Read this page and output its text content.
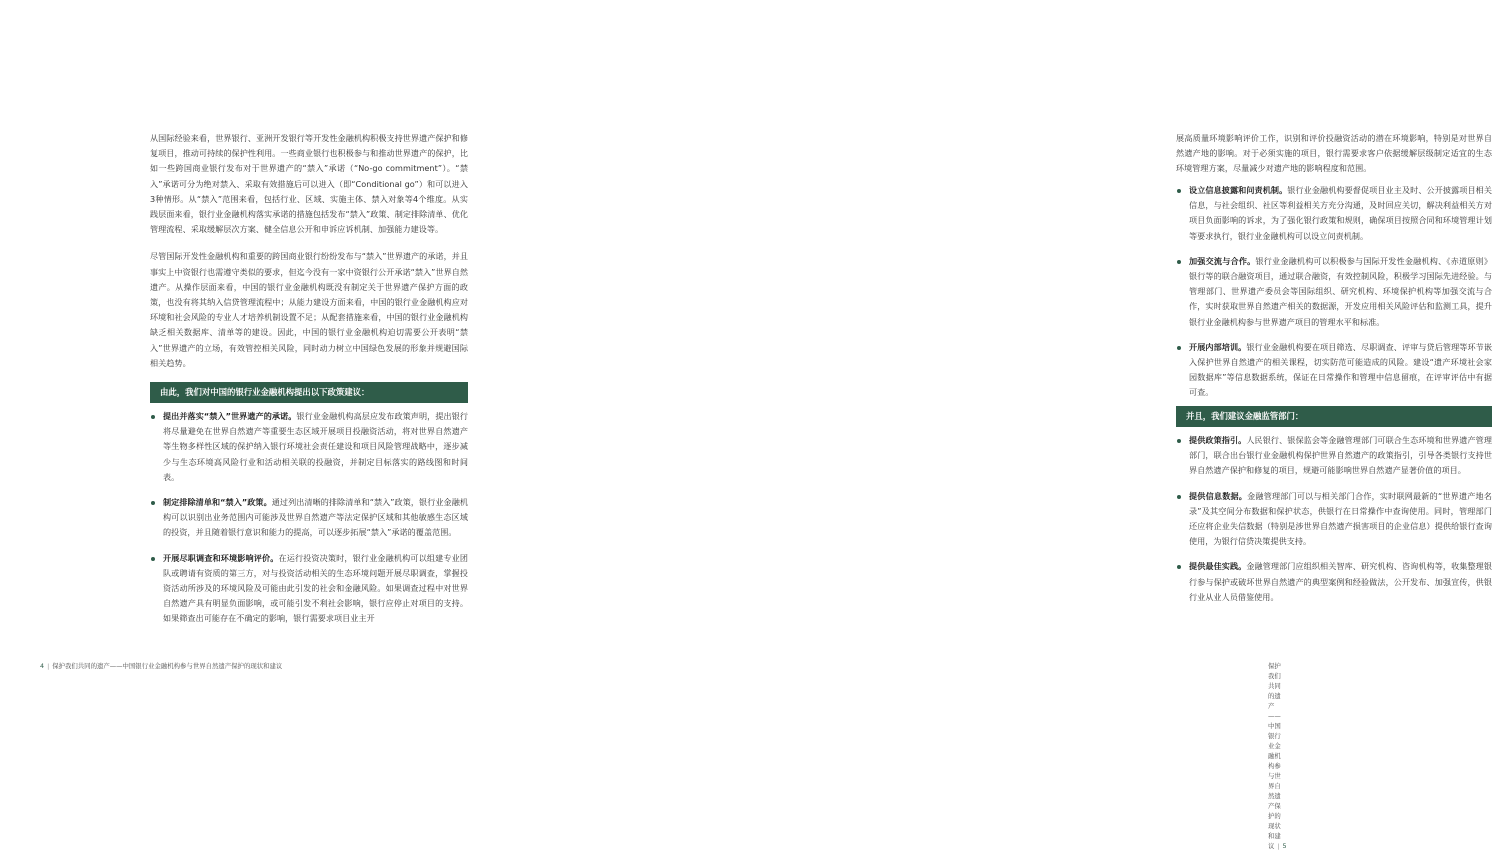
从国际经验来看，世界银行、亚洲开发银行等开发性金融机构积极支持世界遗产保护和修复项目，推动可持续的保护性利用。一些商业银行也积极参与和推动世界遗产的保护，比如一些跨国商业银行发布对于世界遗产的“禁入”承诺（“No-go commitment”）。“禁入”承诺可分为绝对禁入、采取有效措施后可以进入（即“Conditional go”）和可以进入3种情形。从“禁入”范围来看，包括行业、区域、实施主体、禁入对象等4个维度。从实践层面来看，银行业金融机构落实承诺的措施包括发布“禁入”政策、制定排除清单、优化管理流程、采取缓解层次方案、健全信息公开和申诉应诉机制、加强能力建设等。

尽管国际开发性金融机构和重要的跨国商业银行纷纷发布与“禁入”世界遗产的承诺，并且事实上中资银行也需遵守类似的要求，但迄今没有一家中资银行公开承诺“禁入”世界自然遗产。从操作层面来看，中国的银行业金融机构既没有制定关于世界遗产保护方面的政策，也没有将其纳入信贷管理流程中；从能力建设方面来看，中国的银行业金融机构应对环境和社会风险的专业人才培养机制设置不足；从配套措施来看，中国的银行业金融机构缺乏相关数据库、清单等的建设。因此，中国的银行业金融机构迫切需要公开表明“禁入”世界遗产的立场，有效管控相关风险，同时动力树立中国绿色发展的形象并规避国际相关趋势。

由此，我们对中国的银行业金融机构提出以下政策建议：
提出并落实“禁入”世界遗产的承诺。银行业金融机构高层应发布政策声明，提出银行将尽量避免在世界自然遗产等重要生态区域开展项目投融资活动，将对世界自然遗产等生物多样性区域的保护纳入银行环境社会责任建设和项目风险管理战略中，逐步减少与生态环境高风险行业和活动相关联的投融资，并制定目标落实的路线图和时间表。
制定排除清单和“禁入”政策。通过列出清晰的排除清单和“禁入”政策，银行业金融机构可以识别出业务范围内可能涉及世界自然遗产等法定保护区域和其他敏感生态区域的投资，并且随着银行意识和能力的提高，可以逐步拓展“禁入”承诺的覆盖范围。
开展尽职调查和环境影响评价。在运行投资决策时，银行业金融机构可以组建专业团队或聘请有资质的第三方，对与投资活动相关的生态环境问题开展尽职调查，掌握投资活动所涉及的环境风险及可能由此引发的社会和金融风险。如果调查过程中对世界自然遗产具有明显负面影响，或可能引发不利社会影响，银行应停止对项目的支持。如果筛查出可能存在不确定的影响，银行需要求项目业主开
4 | 保护我们共同的遗产——中国银行业金融机构参与世界自然遗产保护的现状和建议

展高质量环境影响评价工作，识别和评价投融资活动的潜在环境影响，特别是对世界自然遗产地的影响。对于必须实施的项目，银行需要求客户依据缓解层级制定适宜的生态环境管理方案，尽量减少对遗产地的影响程度和范围。

设立信息披露和问责机制。银行业金融机构要督促项目业主及时、公开披露项目相关信息，与社会组织、社区等利益相关方充分沟通，及时回应关切，解决利益相关方对项目负面影响的诉求，为了强化银行政策和规则，确保项目按照合同和环境管理计划等要求执行，银行业金融机构可以设立问责机制。
加强交流与合作。银行业金融机构可以积极参与国际开发性金融机构、《赤道原则》银行等的联合融资项目，通过联合融资，有效控制风险，积极学习国际先进经验。与管理部门、世界遗产委员会等国际组织、研究机构、环境保护机构等加强交流与合作，实时获取世界自然遗产相关的数据源，开发应用相关风险评估和监测工具，提升银行业金融机构参与世界遗产项目的管理水平和标准。
开展内部培训。银行业金融机构要在项目筛选、尽职调查、评审与贷后管理等环节嵌入保护世界自然遗产的相关课程，切实防范可能造成的风险。建设“遗产环境社会家园数据库”等信息数据系统，保证在日常操作和管理中信息留痕，在评审评估中有据可查。
并且，我们建议金融监管部门：
提供政策指引。人民银行、银保监会等金融管理部门可联合生态环境和世界遗产管理部门，联合出台银行业金融机构保护世界自然遗产的政策指引，引导各类银行支持世界自然遗产保护和修复的项目，规避可能影响世界自然遗产显著价值的项目。
提供信息数据。金融管理部门可以与相关部门合作，实时联网最新的“世界遗产地名录”及其空间分布数据和保护状态，供银行在日常操作中查询使用。同时，管理部门还应将企业失信数据（特别是涉世界自然遗产损害项目的企业信息）提供给银行查询使用，为银行信贷决策提供支持。
提供最佳实践。金融管理部门应组织相关智库、研究机构、咨询机构等，收集整理银行参与保护或破坏世界自然遗产的典型案例和经验做法，公开发布、加强宣传，供银行业从业人员借鉴使用。
保护我们共同的遗产——中国银行业金融机构参与世界自然遗产保护的现状和建议 | 5
